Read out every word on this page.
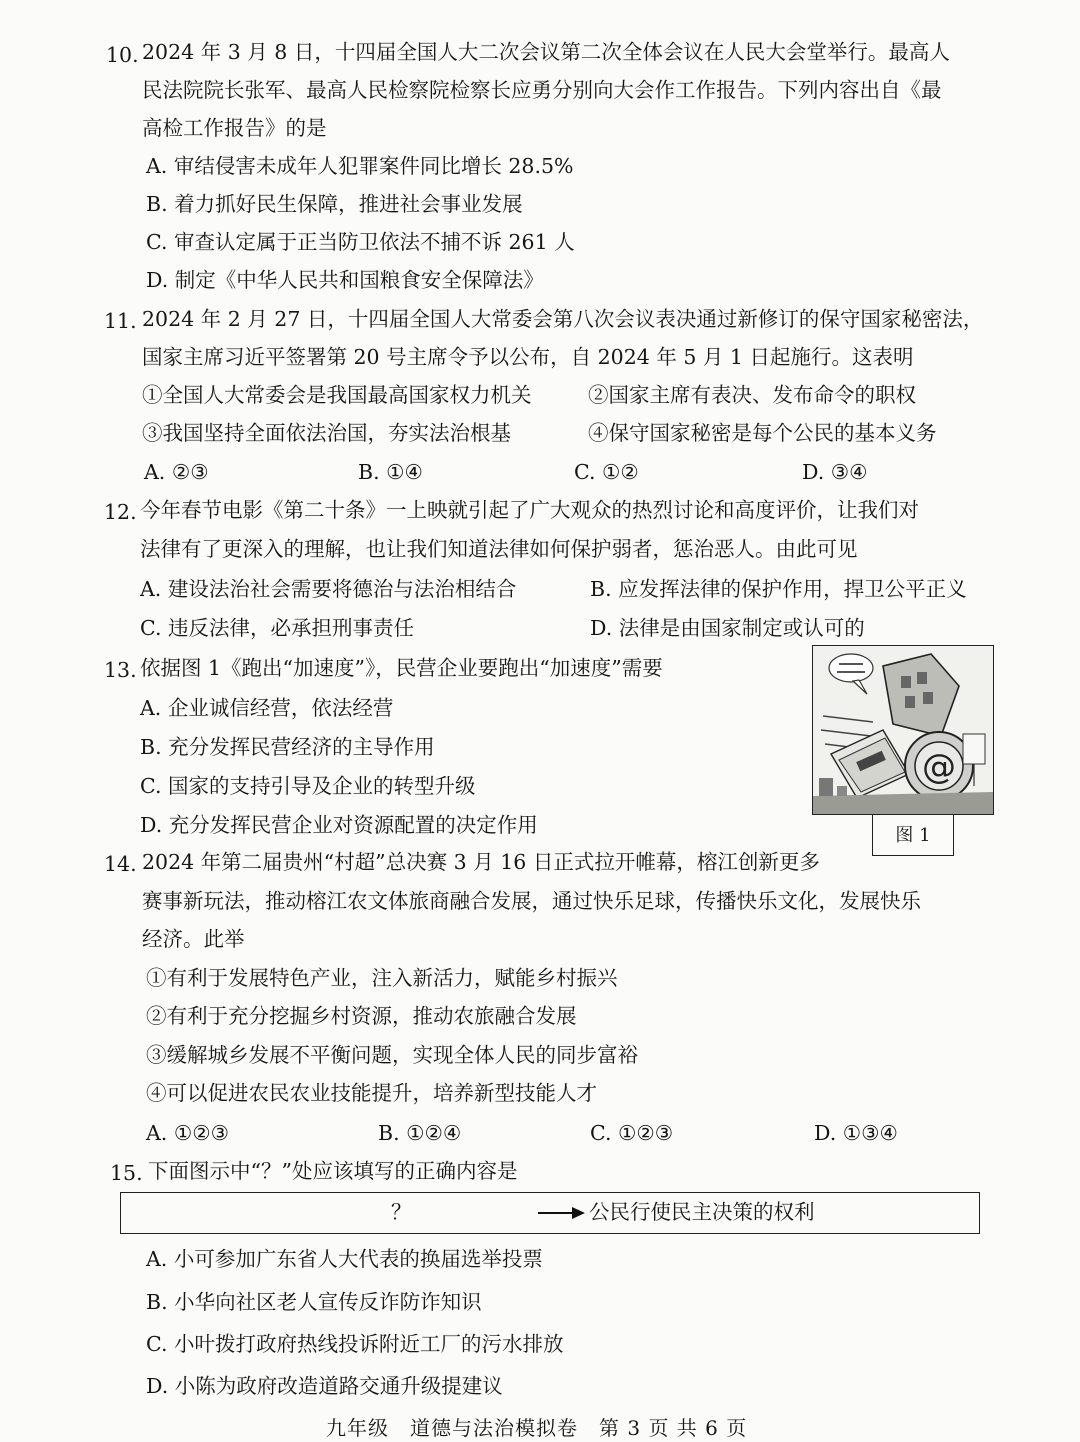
10. 2024 年 3 月 8 日，十四届全国人大二次会议第二次全体会议在人民大会堂举行。最高人
民法院院长张军、最高人民检察院检察长应勇分别向大会作工作报告。下列内容出自《最
高检工作报告》的是
A. 审结侵害未成年人犯罪案件同比增长 28.5%
B. 着力抓好民生保障，推进社会事业发展
C. 审查认定属于正当防卫依法不捕不诉 261 人
D. 制定《中华人民共和国粮食安全保障法》
11. 2024 年 2 月 27 日，十四届全国人大常委会第八次会议表决通过新修订的保守国家秘密法，
国家主席习近平签署第 20 号主席令予以公布，自 2024 年 5 月 1 日起施行。这表明
①全国人大常委会是我国最高国家权力机关	②国家主席有表决、发布命令的职权
③我国坚持全面依法治国，夯实法治根基	④保守国家秘密是每个公民的基本义务
A. ②③	B. ①④	C. ①②	D. ③④
12. 今年春节电影《第二十条》一上映就引起了广大观众的热烈讨论和高度评价，让我们对
法律有了更深入的理解，也让我们知道法律如何保护弱者，惩治恶人。由此可见
A. 建设法治社会需要将德治与法治相结合	B. 应发挥法律的保护作用，捍卫公平正义
C. 违反法律，必承担刑事责任	D. 法律是由国家制定或认可的
13. 依据图 1《跑出“加速度”》，民营企业要跑出“加速度”需要
A. 企业诚信经营，依法经营
B. 充分发挥民营经济的主导作用
C. 国家的支持引导及企业的转型升级
D. 充分发挥民营企业对资源配置的决定作用
@
图 1
14. 2024 年第二届贵州“村超”总决赛 3 月 16 日正式拉开帷幕，榕江创新更多
赛事新玩法，推动榕江农文体旅商融合发展，通过快乐足球，传播快乐文化，发展快乐
经济。此举
①有利于发展特色产业，注入新活力，赋能乡村振兴
②有利于充分挖掘乡村资源，推动农旅融合发展
③缓解城乡发展不平衡问题，实现全体人民的同步富裕
④可以促进农民农业技能提升，培养新型技能人才
A. ①②③	B. ①②④	C. ①②③	D. ①③④
15. 下面图示中“？”处应该填写的正确内容是
？	公民行使民主决策的权利
A. 小可参加广东省人大代表的换届选举投票
B. 小华向社区老人宣传反诈防诈知识
C. 小叶拨打政府热线投诉附近工厂的污水排放
D. 小陈为政府改造道路交通升级提建议
九年级　道德与法治模拟卷　第 3 页 共 6 页
